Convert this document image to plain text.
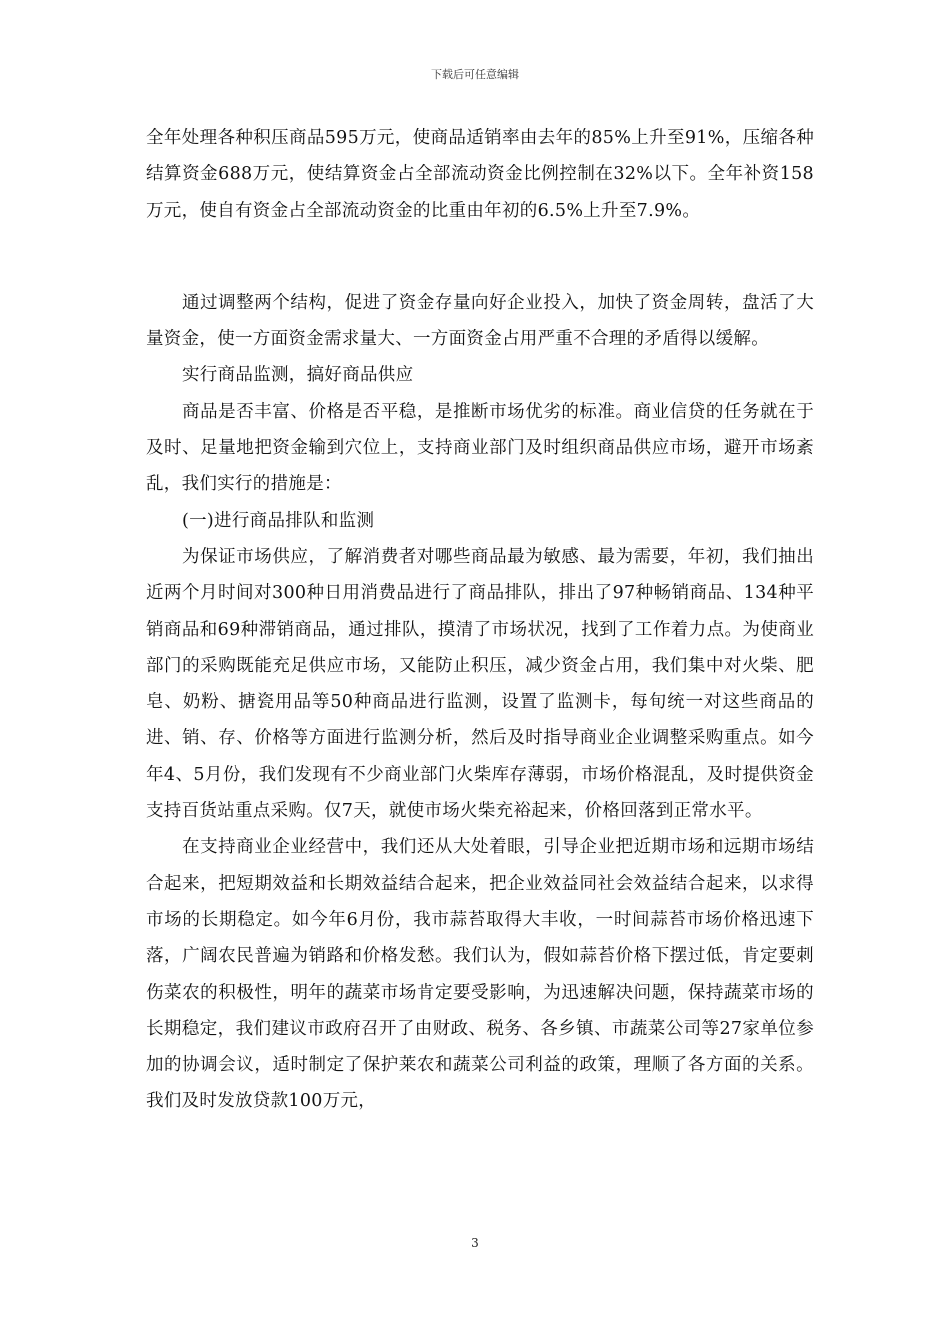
下载后可任意编辑

全年处理各种积压商品595万元，使商品适销率由去年的85%上升至91%，压缩各种结算资金688万元，使结算资金占全部流动资金比例控制在32%以下。全年补资158万元，使自有资金占全部流动资金的比重由年初的6.5%上升至7.9%。

通过调整两个结构，促进了资金存量向好企业投入，加快了资金周转，盘活了大量资金，使一方面资金需求量大、一方面资金占用严重不合理的矛盾得以缓解。

实行商品监测，搞好商品供应

商品是否丰富、价格是否平稳，是推断市场优劣的标准。商业信贷的任务就在于及时、足量地把资金输到穴位上，支持商业部门及时组织商品供应市场，避开市场紊乱，我们实行的措施是：

(一)进行商品排队和监测

为保证市场供应，了解消费者对哪些商品最为敏感、最为需要，年初，我们抽出近两个月时间对300种日用消费品进行了商品排队，排出了97种畅销商品、134种平销商品和69种滞销商品，通过排队，摸清了市场状况，找到了工作着力点。为使商业部门的采购既能充足供应市场，又能防止积压，减少资金占用，我们集中对火柴、肥皂、奶粉、搪瓷用品等50种商品进行监测，设置了监测卡，每旬统一对这些商品的进、销、存、价格等方面进行监测分析，然后及时指导商业企业调整采购重点。如今年4、5月份，我们发现有不少商业部门火柴库存薄弱，市场价格混乱，及时提供资金支持百货站重点采购。仅7天，就使市场火柴充裕起来，价格回落到正常水平。

在支持商业企业经营中，我们还从大处着眼，引导企业把近期市场和远期市场结合起来，把短期效益和长期效益结合起来，把企业效益同社会效益结合起来，以求得市场的长期稳定。如今年6月份，我市蒜苔取得大丰收，一时间蒜苔市场价格迅速下落，广阔农民普遍为销路和价格发愁。我们认为，假如蒜苔价格下摆过低，肯定要刺伤菜农的积极性，明年的蔬菜市场肯定要受影响，为迅速解决问题，保持蔬菜市场的长期稳定，我们建议市政府召开了由财政、税务、各乡镇、市蔬菜公司等27家单位参加的协调会议，适时制定了保护莱农和蔬菜公司利益的政策，理顺了各方面的关系。我们及时发放贷款100万元，

3
